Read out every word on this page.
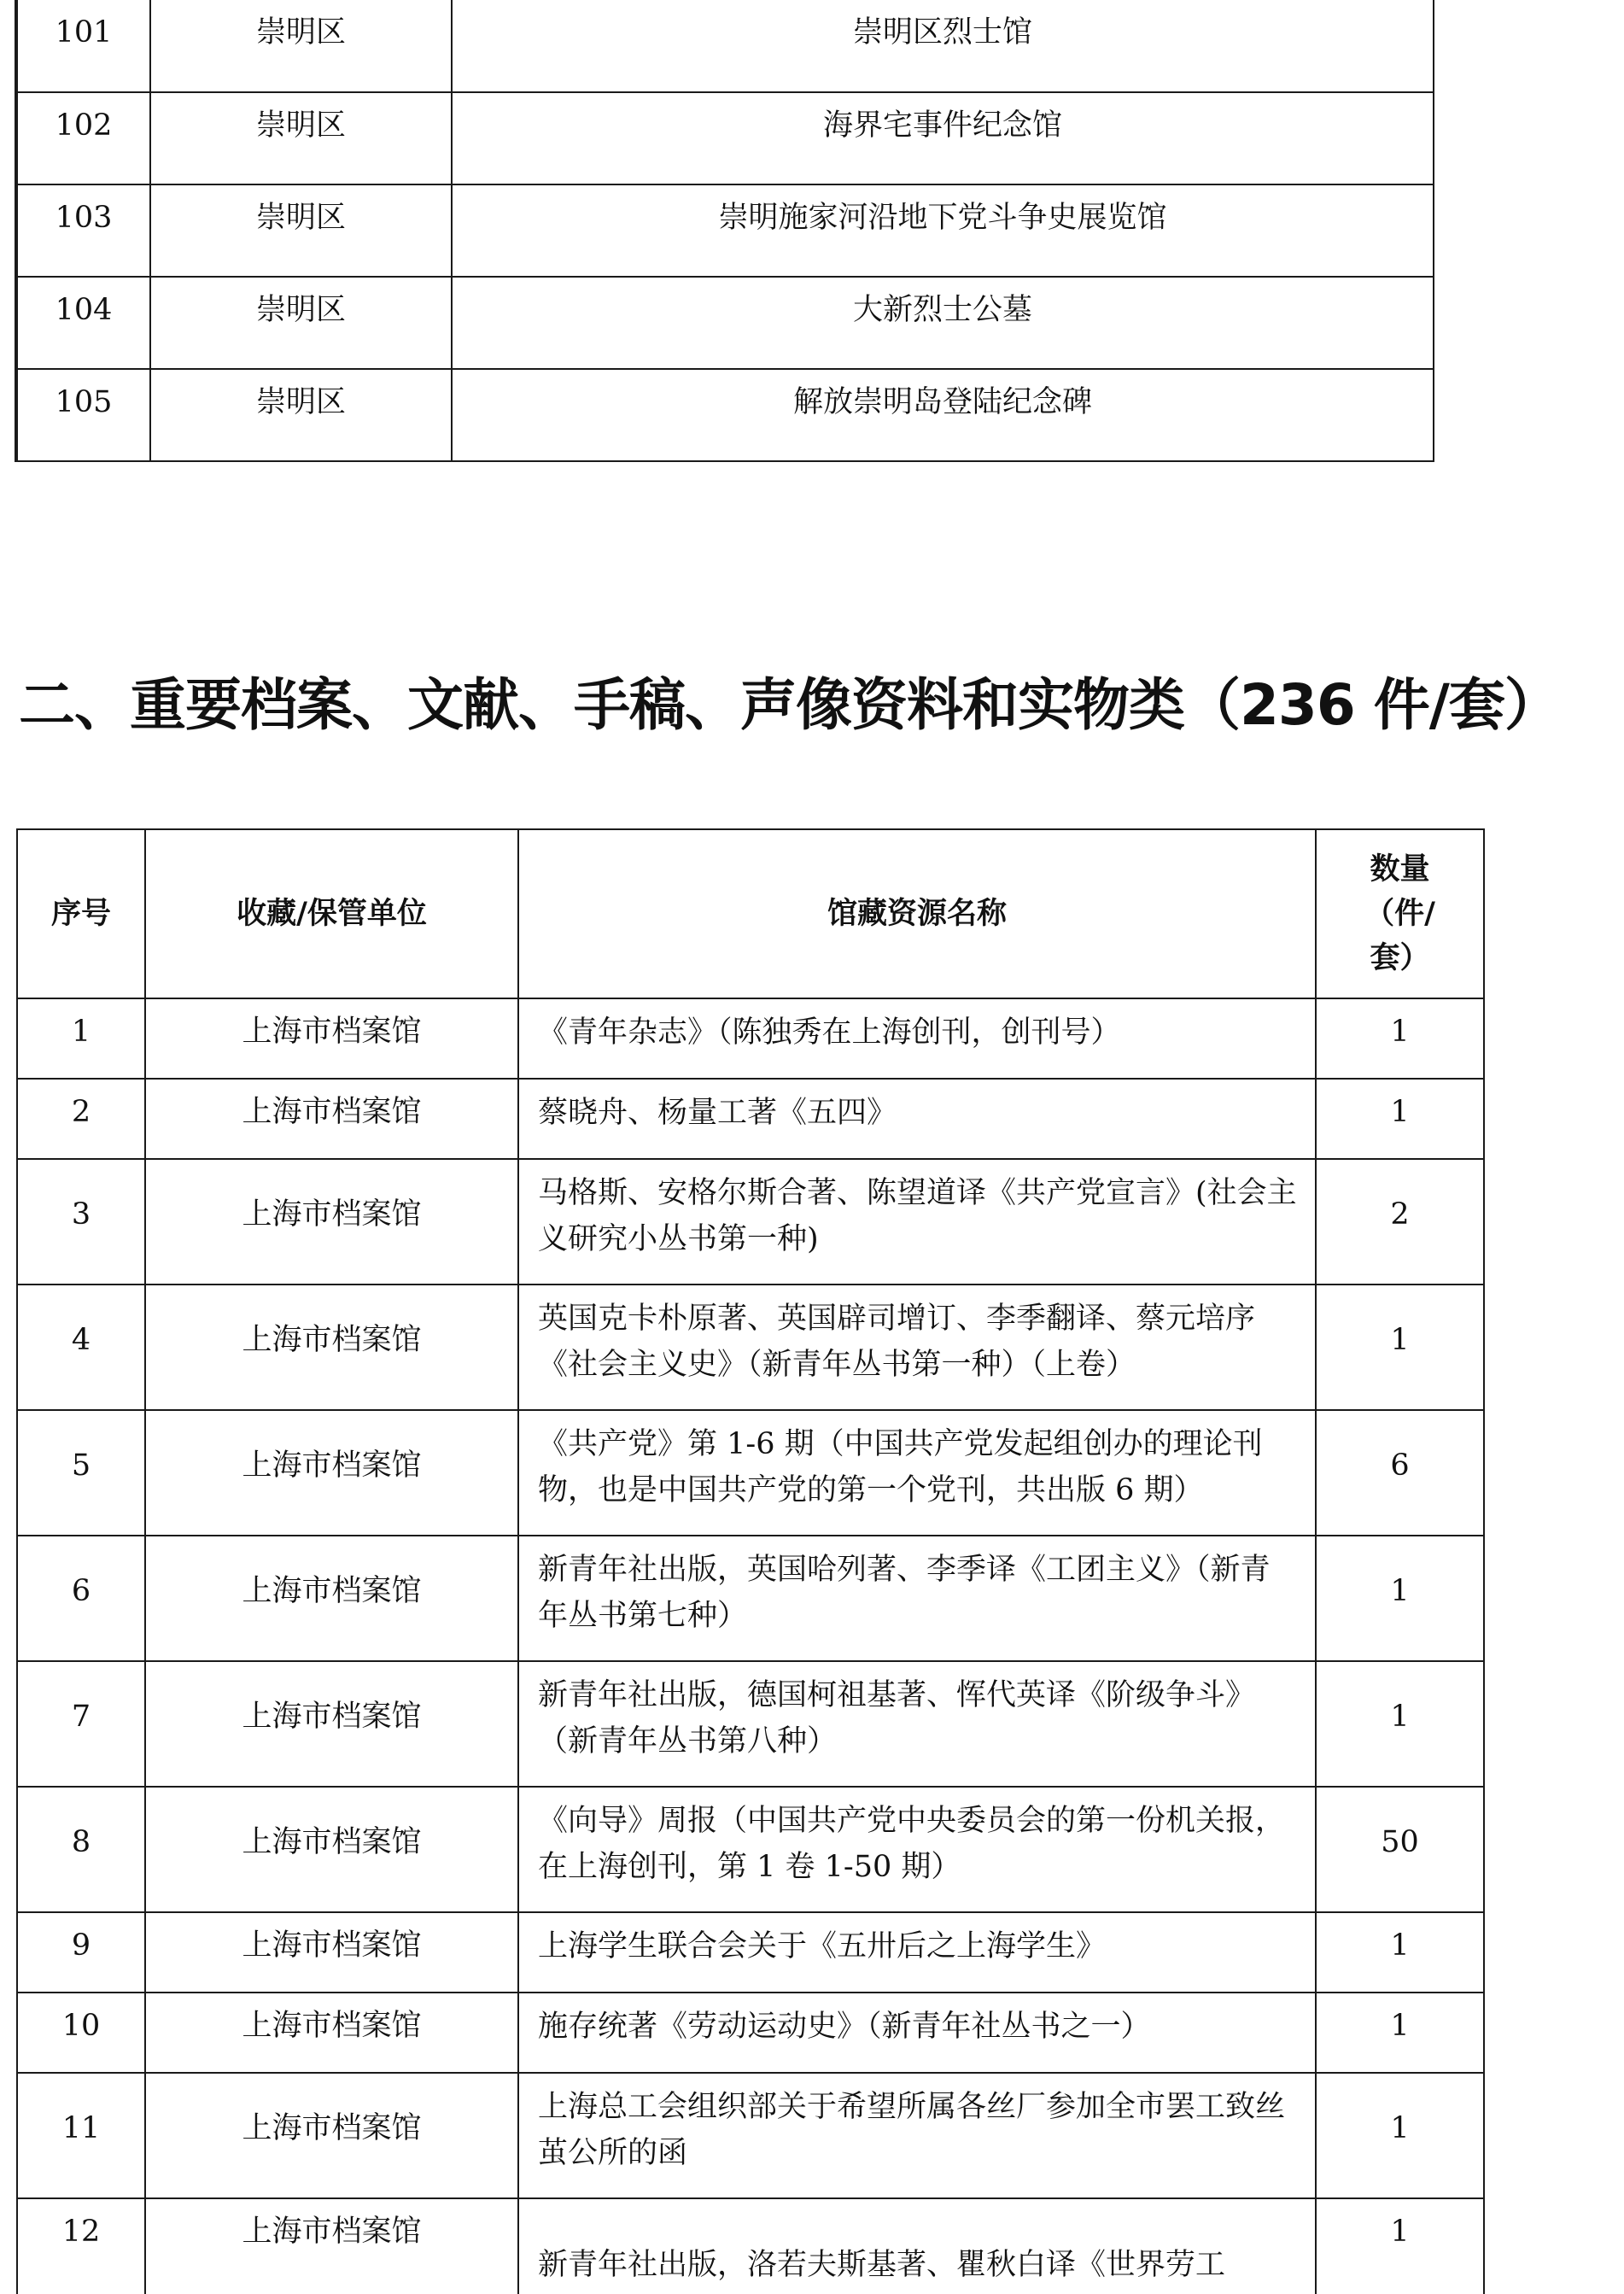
101	崇明区	崇明区烈士馆
102	崇明区	海界宅事件纪念馆
103	崇明区	崇明施家河沿地下党斗争史展览馆
104	崇明区	大新烈士公墓
105	崇明区	解放崇明岛登陆纪念碑
二、重要档案、文献、手稿、声像资料和实物类（236 件/套）
序号	收藏/保管单位	馆藏资源名称	数量
（件/
套）

1	上海市档案馆	《青年杂志》（陈独秀在上海创刊，创刊号）	1
2	上海市档案馆	蔡晓舟、杨量工著《五四》	1
3	上海市档案馆	马格斯、安格尔斯合著、陈望道译《共产党宣言》(社会主义研究小丛书第一种)	2
4	上海市档案馆	英国克卡朴原著、英国辟司增订、李季翻译、蔡元培序《社会主义史》（新青年丛书第一种）（上卷）	1
5	上海市档案馆	《共产党》第 1-6 期（中国共产党发起组创办的理论刊物，也是中国共产党的第一个党刊，共出版 6 期）	6
6	上海市档案馆	新青年社出版，英国哈列著、李季译《工团主义》（新青年丛书第七种）	1
7	上海市档案馆	新青年社出版，德国柯祖基著、恽代英译《阶级争斗》（新青年丛书第八种）	1
8	上海市档案馆	《向导》周报（中国共产党中央委员会的第一份机关报，在上海创刊，第 1 卷 1-50 期）	50
9	上海市档案馆	上海学生联合会关于《五卅后之上海学生》	1
10	上海市档案馆	施存统著《劳动运动史》（新青年社丛书之一）	1
11	上海市档案馆	上海总工会组织部关于希望所属各丝厂参加全市罢工致丝茧公所的函	1
12	上海市档案馆	新青年社出版，洛若夫斯基著、瞿秋白译《世界劳工	1
